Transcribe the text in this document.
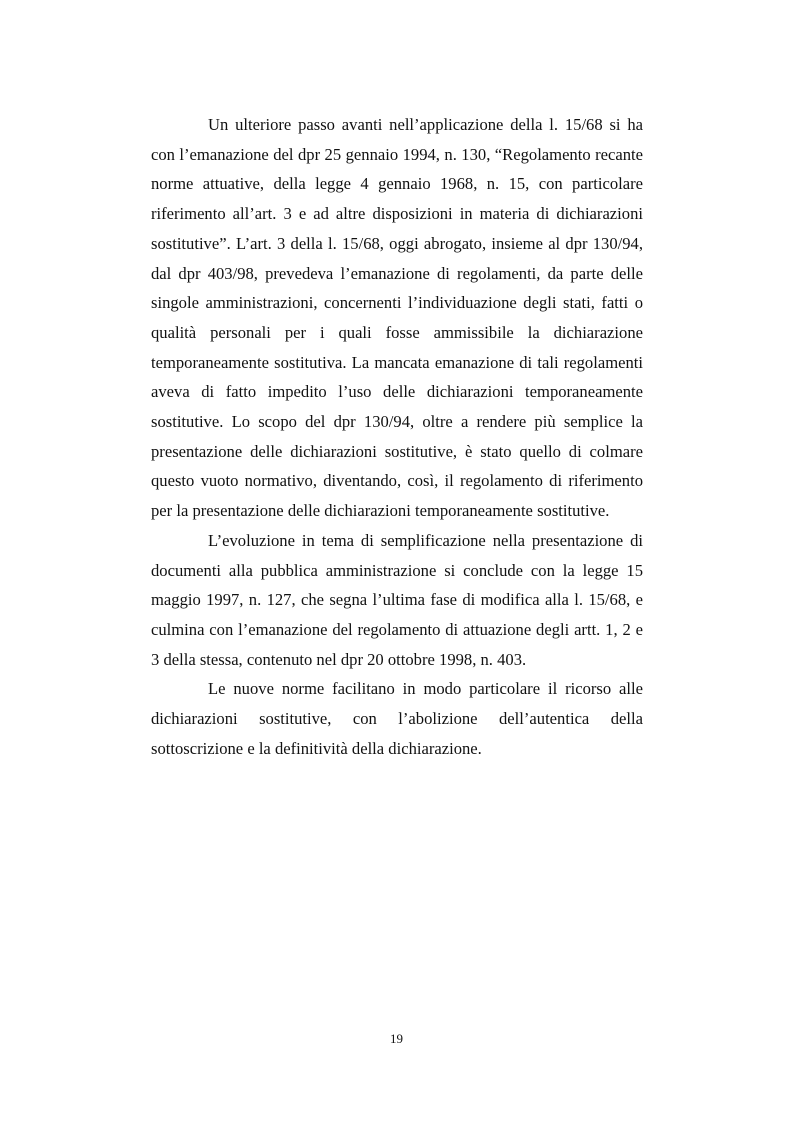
Un ulteriore passo avanti nell’applicazione della l. 15/68 si ha con l’emanazione del dpr 25 gennaio 1994, n. 130, “Regolamento recante norme attuative, della legge 4 gennaio 1968, n. 15, con particolare riferimento all’art. 3 e ad altre disposizioni in materia di dichiarazioni sostitutive”. L’art. 3 della l. 15/68, oggi abrogato, insieme al dpr 130/94, dal dpr 403/98, prevedeva l’emanazione di regolamenti, da parte delle singole amministrazioni, concernenti l’individuazione degli stati, fatti o qualità personali per i quali fosse ammissibile la dichiarazione temporaneamente sostitutiva. La mancata emanazione di tali regolamenti aveva di fatto impedito l’uso delle dichiarazioni temporaneamente sostitutive. Lo scopo del dpr 130/94, oltre a rendere più semplice la presentazione delle dichiarazioni sostitutive, è stato quello di colmare questo vuoto normativo, diventando, così, il regolamento di riferimento per la presentazione delle dichiarazioni temporaneamente sostitutive.

L’evoluzione in tema di semplificazione nella presentazione di documenti alla pubblica amministrazione si conclude con la legge 15 maggio 1997, n. 127, che segna l’ultima fase di modifica alla l. 15/68, e culmina con l’emanazione del regolamento di attuazione degli artt. 1, 2 e 3 della stessa, contenuto nel dpr 20 ottobre 1998, n. 403.

Le nuove norme facilitano in modo particolare il ricorso alle dichiarazioni sostitutive, con l’abolizione dell’autentica della sottoscrizione e la definitività della dichiarazione.

19
